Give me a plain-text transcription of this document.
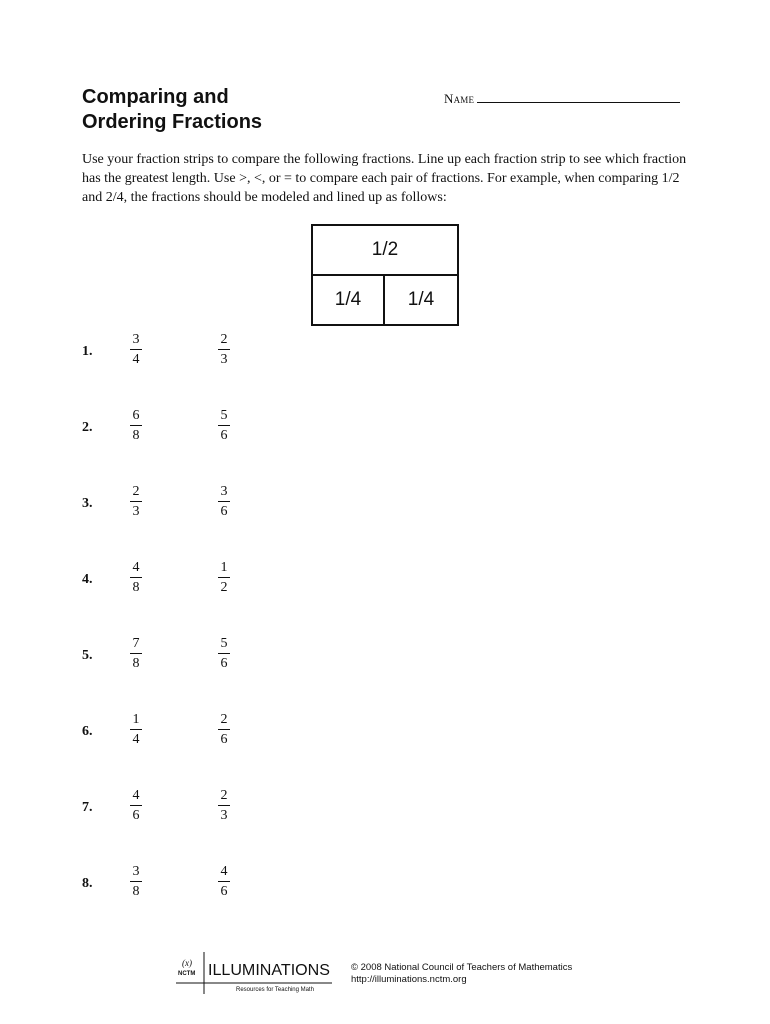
Comparing and
Ordering Fractions
Name
Use your fraction strips to compare the following fractions. Line up each fraction strip to see which fraction has the greatest length. Use >, <, or = to compare each pair of fractions. For example, when comparing 1/2 and 2/4, the fractions should be modeled and lined up as follows:
1/2
1/4	1/4
1.
3
4
2
3
2.
6
8
5
6
3.
2
3
3
6
4.
4
8
1
2
5.
7
8
5
6
6.
1
4
2
6
7.
4
6
2
3
8.
3
8
4
6
(x)
NCTM ILLUMINATIONS
Resources for Teaching Math
© 2008 National Council of Teachers of Mathematics
http://illuminations.nctm.org
